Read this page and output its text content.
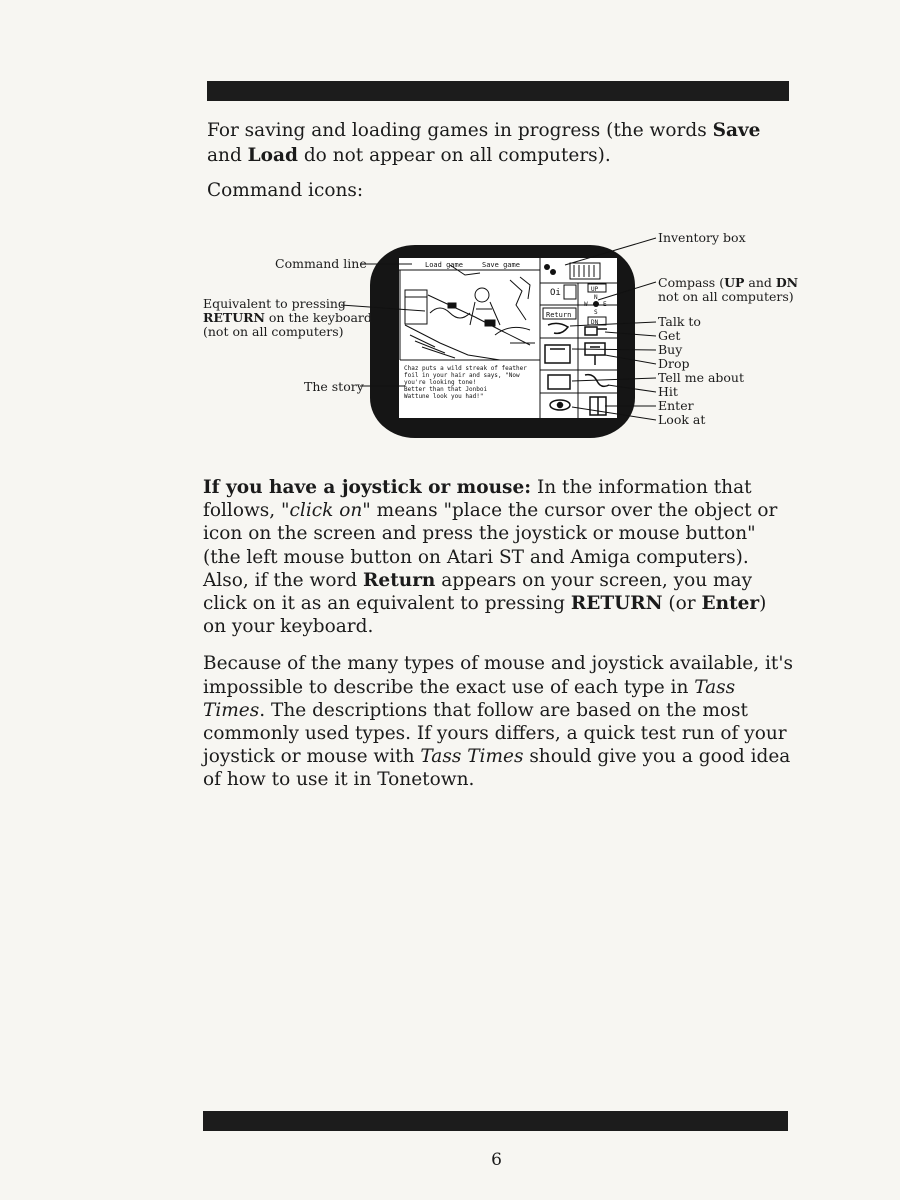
For saving and loading games in progress (the words Save and Load do not appear on all computers).

Command icons:

Load game	Save game
Chaz puts a wild streak of feather
foil in your hair and says, "Now
you're looking tone!
Better than that Jonboi
Wattune look you had!"
Oi	UP
N
W	E
S
DN
Return
Command line
Equivalent to pressing
RETURN on the keyboard
(not on all computers)
The story
Inventory box
Compass (UP and DN
not on all computers)
Talk to
Get
Buy
Drop
Tell me about
Hit
Enter
Look at

If you have a joystick or mouse: In the information that follows, "click on" means "place the cursor over the object or icon on the screen and press the joystick or mouse button" (the left mouse button on Atari ST and Amiga computers). Also, if the word Return appears on your screen, you may click on it as an equivalent to pressing RETURN (or Enter) on your keyboard.

Because of the many types of mouse and joystick available, it's impossible to describe the exact use of each type in Tass Times. The descriptions that follow are based on the most commonly used types. If yours differs, a quick test run of your joystick or mouse with Tass Times should give you a good idea of how to use it in Tonetown.

6
